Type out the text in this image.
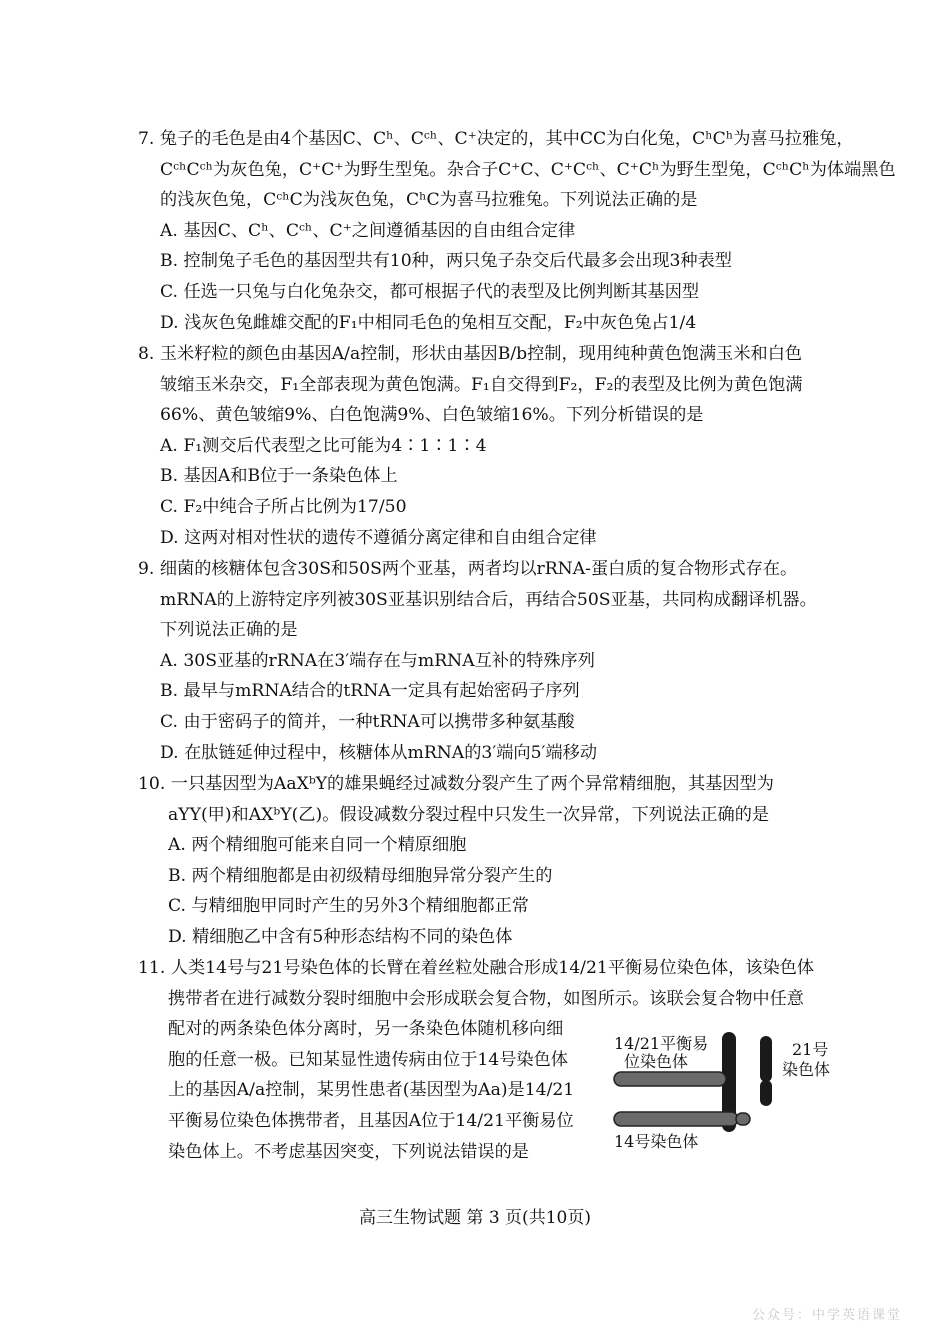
7. 兔子的毛色是由4个基因C、Cʰ、Cᶜʰ、C⁺决定的，其中CC为白化兔，CʰCʰ为喜马拉雅兔，

CᶜʰCᶜʰ为灰色兔，C⁺C⁺为野生型兔。杂合子C⁺C、C⁺Cᶜʰ、C⁺Cʰ为野生型兔，CᶜʰCʰ为体端黑色

的浅灰色兔，CᶜʰC为浅灰色兔，CʰC为喜马拉雅兔。下列说法正确的是

A. 基因C、Cʰ、Cᶜʰ、C⁺之间遵循基因的自由组合定律

B. 控制兔子毛色的基因型共有10种，两只兔子杂交后代最多会出现3种表型

C. 任选一只兔与白化兔杂交，都可根据子代的表型及比例判断其基因型

D. 浅灰色兔雌雄交配的F₁中相同毛色的兔相互交配，F₂中灰色兔占1/4

8. 玉米籽粒的颜色由基因A/a控制，形状由基因B/b控制，现用纯种黄色饱满玉米和白色

皱缩玉米杂交，F₁全部表现为黄色饱满。F₁自交得到F₂，F₂的表型及比例为黄色饱满

66%、黄色皱缩9%、白色饱满9%、白色皱缩16%。下列分析错误的是

A. F₁测交后代表型之比可能为4∶1∶1∶4

B. 基因A和B位于一条染色体上

C. F₂中纯合子所占比例为17/50

D. 这两对相对性状的遗传不遵循分离定律和自由组合定律

9. 细菌的核糖体包含30S和50S两个亚基，两者均以rRNA-蛋白质的复合物形式存在。

mRNA的上游特定序列被30S亚基识别结合后，再结合50S亚基，共同构成翻译机器。

下列说法正确的是

A. 30S亚基的rRNA在3′端存在与mRNA互补的特殊序列

B. 最早与mRNA结合的tRNA一定具有起始密码子序列

C. 由于密码子的简并，一种tRNA可以携带多种氨基酸

D. 在肽链延伸过程中，核糖体从mRNA的3′端向5′端移动

10. 一只基因型为AaXᵇY的雄果蝇经过减数分裂产生了两个异常精细胞，其基因型为

aYY(甲)和AXᵇY(乙)。假设减数分裂过程中只发生一次异常，下列说法正确的是

A. 两个精细胞可能来自同一个精原细胞

B. 两个精细胞都是由初级精母细胞异常分裂产生的

C. 与精细胞甲同时产生的另外3个精细胞都正常

D. 精细胞乙中含有5种形态结构不同的染色体

11. 人类14号与21号染色体的长臂在着丝粒处融合形成14/21平衡易位染色体，该染色体

携带者在进行减数分裂时细胞中会形成联会复合物，如图所示。该联会复合物中任意

配对的两条染色体分离时，另一条染色体随机移向细

胞的任意一极。已知某显性遗传病由位于14号染色体

上的基因A/a控制，某男性患者(基因型为Aa)是14/21

平衡易位染色体携带者，且基因A位于14/21平衡易位

染色体上。不考虑基因突变，下列说法错误的是

14/21平衡易
位染色体
21号
染色体
14号染色体
高三生物试题 第 3 页(共10页)
公众号：中学英语课堂
